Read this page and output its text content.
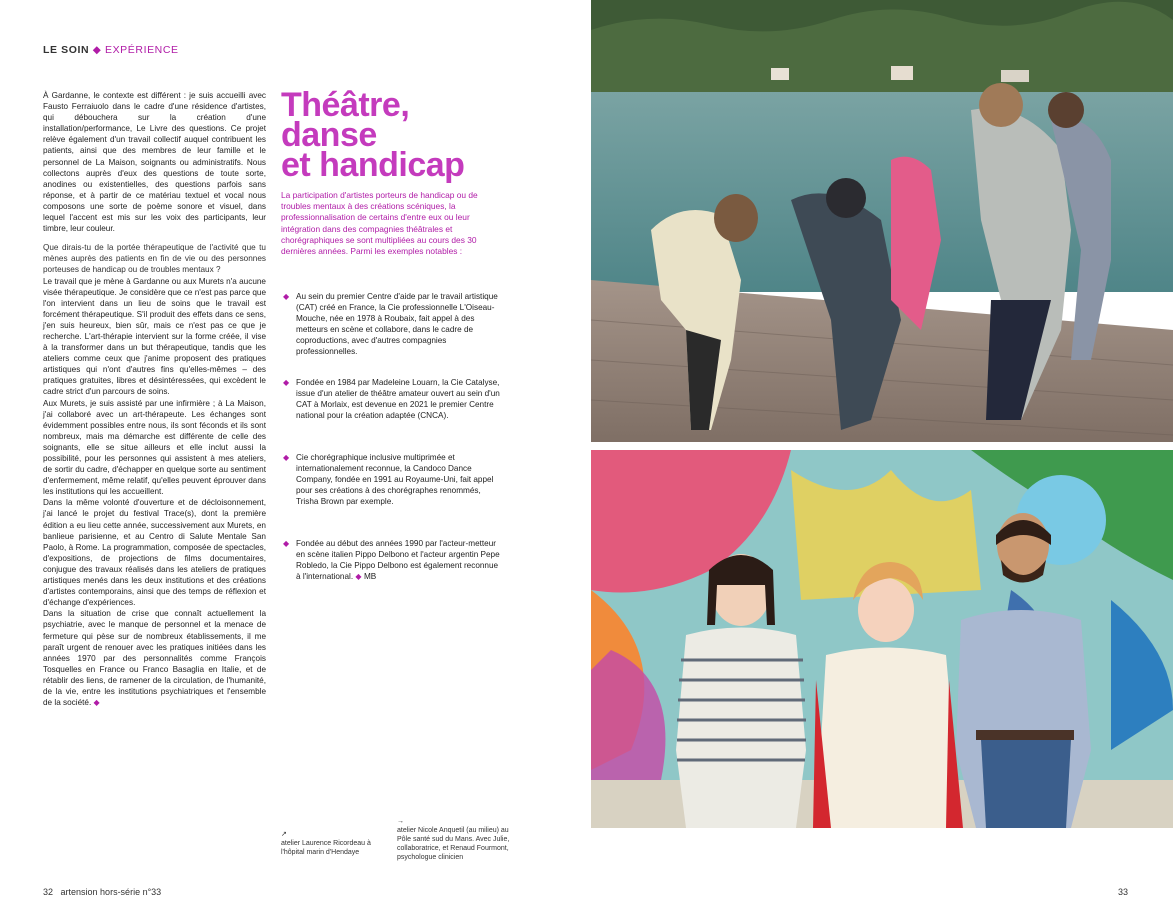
LE SOIN ◆ EXPÉRIENCE

À Gardanne, le contexte est différent : je suis accueilli avec Fausto Ferraiuolo dans le cadre d'une résidence d'artistes, qui débouchera sur la création d'une installation/performance, Le Livre des questions. Ce projet relève également d'un travail collectif auquel contribuent les patients, ainsi que des membres de leur famille et le personnel de La Maison, soignants ou administratifs. Nous collectons auprès d'eux des questions de toute sorte, anodines ou existentielles, des questions parfois sans réponse, et à partir de ce matériau textuel et vocal nous composons une sorte de poème sonore et visuel, dans lequel l'accent est mis sur les voix des participants, leur timbre, leur couleur.

Que dirais-tu de la portée thérapeutique de l'activité que tu mènes auprès des patients en fin de vie ou des personnes porteuses de handicap ou de troubles mentaux ?

Le travail que je mène à Gardanne ou aux Murets n'a aucune visée thérapeutique. Je considère que ce n'est pas parce que l'on intervient dans un lieu de soins que le travail est forcément thérapeutique. S'il produit des effets dans ce sens, j'en suis heureux, bien sûr, mais ce n'est pas ce que je recherche. L'art-thérapie intervient sur la forme créée, il vise à la transformer dans un but thérapeutique, tandis que les ateliers comme ceux que j'anime proposent des pratiques artistiques qui n'ont d'autres fins qu'elles-mêmes – des pratiques gratuites, libres et désintéressées, qui excèdent le cadre strict d'un parcours de soins.

Aux Murets, je suis assisté par une infirmière ; à La Maison, j'ai collaboré avec un art-thérapeute. Les échanges sont évidemment possibles entre nous, ils sont féconds et ils sont nombreux, mais ma démarche est différente de celle des soignants, elle se situe ailleurs et elle inclut aussi la possibilité, pour les personnes qui assistent à mes ateliers, de sortir du cadre, d'échapper en quelque sorte au sentiment d'enfermement, même relatif, qu'elles peuvent éprouver dans les institutions qui les accueillent.

Dans la même volonté d'ouverture et de décloisonnement, j'ai lancé le projet du festival Trace(s), dont la première édition a eu lieu cette année, successivement aux Murets, en banlieue parisienne, et au Centro di Salute Mentale San Paolo, à Rome. La programmation, composée de spectacles, d'expositions, de projections de films documentaires, conjugue des travaux réalisés dans les ateliers de pratiques artistiques menés dans les deux institutions et des créations d'artistes contemporains, ainsi que des temps de réflexion et d'échange d'expériences.

Dans la situation de crise que connaît actuellement la psychiatrie, avec le manque de personnel et la menace de fermeture qui pèse sur de nombreux établissements, il me paraît urgent de renouer avec les pratiques initiées dans les années 1970 par des personnalités comme François Tosquelles en France ou Franco Basaglia en Italie, et de rétablir des liens, de ramener de la circulation, de l'humanité, de la vie, entre les institutions psychiatriques et l'ensemble de la société. ◆

Théâtre,
danse
et handicap
La participation d'artistes porteurs de handicap ou de troubles mentaux à des créations scéniques, la professionnalisation de certains d'entre eux ou leur intégration dans des compagnies théâtrales et chorégraphiques se sont multipliées au cours des 30 dernières années. Parmi les exemples notables :
◆ Au sein du premier Centre d'aide par le travail artistique (CAT) créé en France, la Cie professionnelle L'Oiseau-Mouche, née en 1978 à Roubaix, fait appel à des metteurs en scène et collabore, dans le cadre de coproductions, avec d'autres compagnies professionnelles.
◆ Fondée en 1984 par Madeleine Louarn, la Cie Catalyse, issue d'un atelier de théâtre amateur ouvert au sein d'un CAT à Morlaix, est devenue en 2021 le premier Centre national pour la création adaptée (CNCA).
◆ Cie chorégraphique inclusive multiprimée et internationalement reconnue, la Candoco Dance Company, fondée en 1991 au Royaume-Uni, fait appel pour ses créations à des chorégraphes renommés, Trisha Brown par exemple.
◆ Fondée au début des années 1990 par l'acteur-metteur en scène italien Pippo Delbono et l'acteur argentin Pepe Robledo, la Cie Pippo Delbono est également reconnue à l'international. ◆ MB
↗
atelier Laurence Ricordeau à l'hôpital marin d'Hendaye
→
atelier Nicole Anquetil (au milieu) au Pôle santé sud du Mans. Avec Julie, collaboratrice, et Renaud Fourmont, psychologue clinicien
32 artension hors-série n°33	33
